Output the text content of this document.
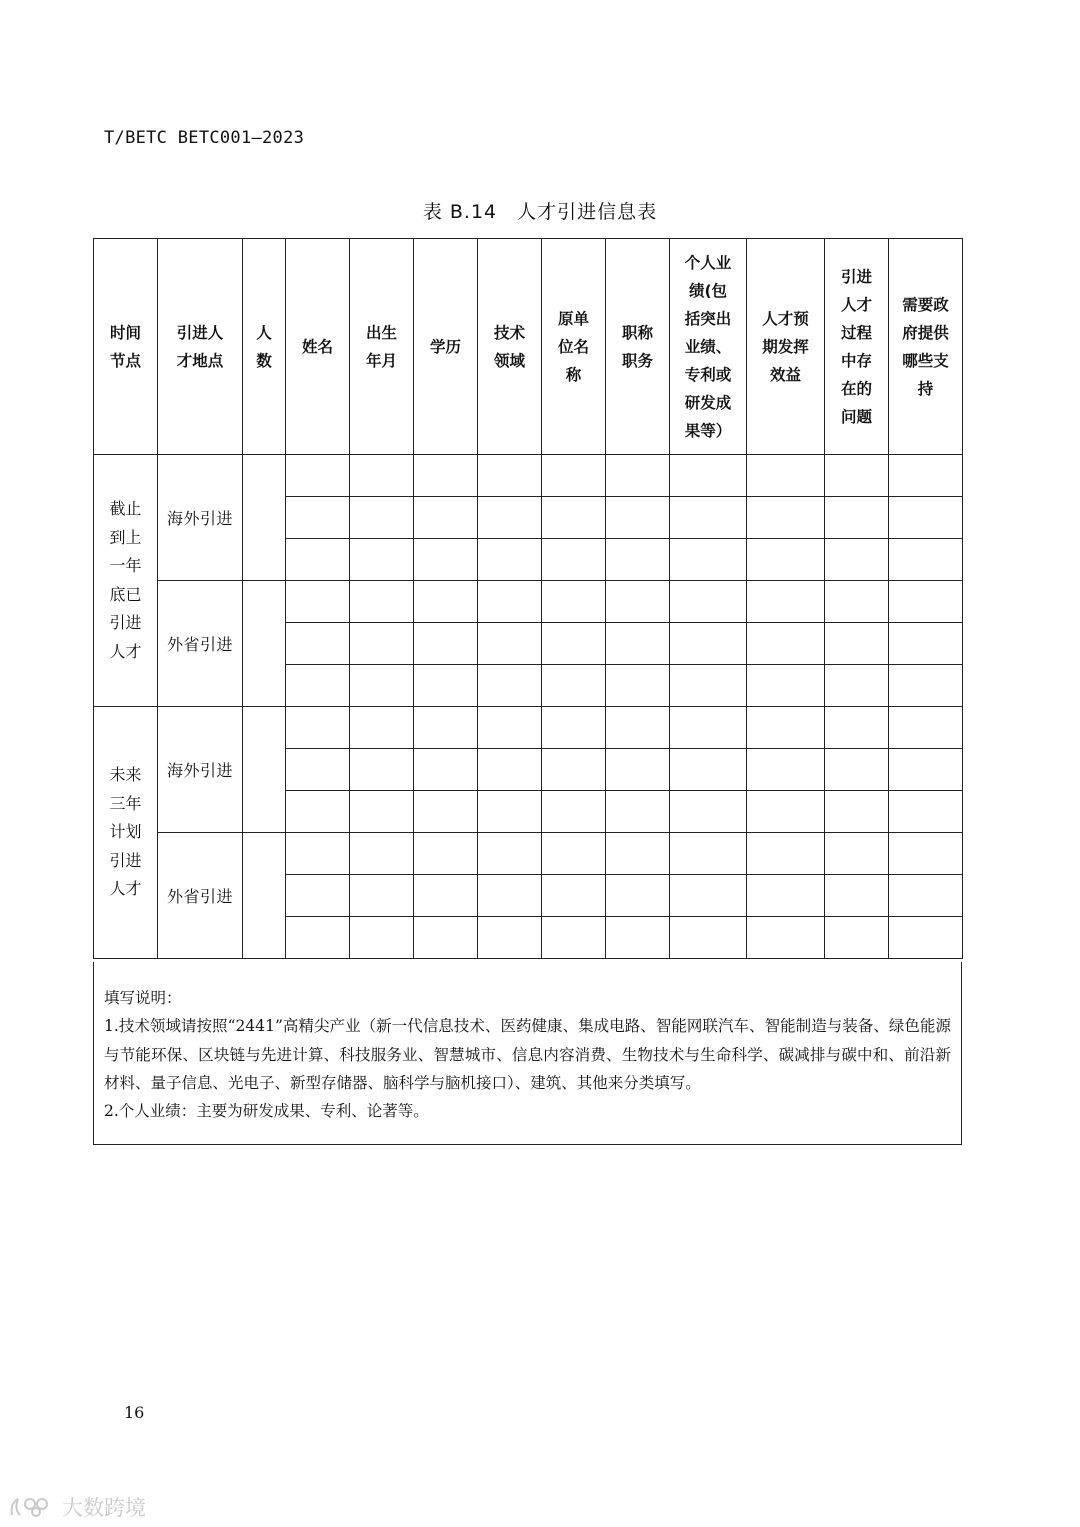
T/BETC BETC001—2023
表 B.14　人才引进信息表
时间节点	引进人才地点	人数	姓名	出生年月	学历	技术领域	原单位名称	职称职务	个人业绩(包括突出业绩、专利或研发成果等）	人才预期发挥效益	引进人才过程中存在的问题	需要政府提供哪些支持

截止到上一年底已引进人才	海外引进											

	外省引进											

未来三年计划引进人才	海外引进											

	外省引进											

填写说明：

1.技术领域请按照“2441”高精尖产业（新一代信息技术、医药健康、集成电路、智能网联汽车、智能制造与装备、绿色能源与节能环保、区块链与先进计算、科技服务业、智慧城市、信息内容消费、生物技术与生命科学、碳减排与碳中和、前沿新材料、量子信息、光电子、新型存储器、脑科学与脑机接口）、建筑、其他来分类填写。

2.个人业绩：主要为研发成果、专利、论著等。

16
大数跨境
